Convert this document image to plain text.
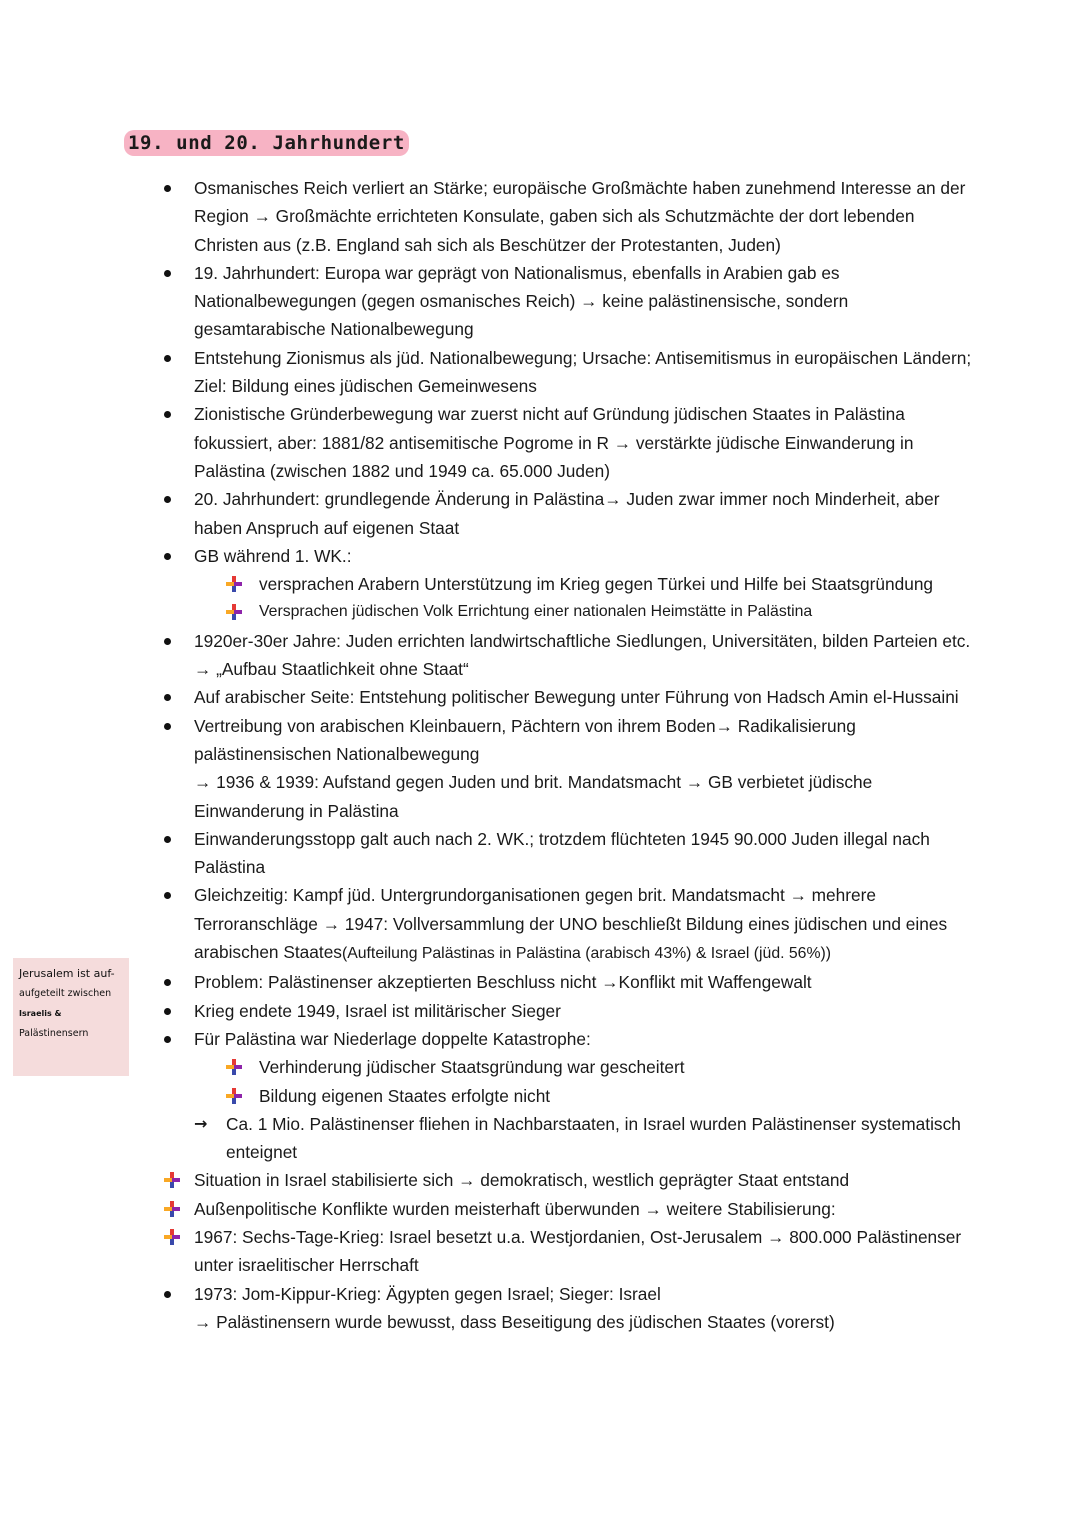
19. und 20. Jahrhundert
Osmanisches Reich verliert an Stärke; europäische Großmächte haben zunehmend Interesse an der Region → Großmächte errichteten Konsulate, gaben sich als Schutzmächte der dort lebenden Christen aus (z.B. England sah sich als Beschützer der Protestanten, Juden)
19. Jahrhundert: Europa war geprägt von Nationalismus, ebenfalls in Arabien gab es Nationalbewegungen (gegen osmanisches Reich) → keine palästinensische, sondern gesamtarabische Nationalbewegung
Entstehung Zionismus als jüd. Nationalbewegung; Ursache: Antisemitismus in europäischen Ländern; Ziel: Bildung eines jüdischen Gemeinwesens
Zionistische Gründerbewegung war zuerst nicht auf Gründung jüdischen Staates in Palästina fokussiert, aber: 1881/82 antisemitische Pogrome in R → verstärkte jüdische Einwanderung in Palästina (zwischen 1882 und 1949 ca. 65.000 Juden)
20. Jahrhundert: grundlegende Änderung in Palästina→ Juden zwar immer noch Minderheit, aber haben Anspruch auf eigenen Staat
GB während 1. WK.:
versprachen Arabern Unterstützung im Krieg gegen Türkei und Hilfe bei Staatsgründung
Versprachen jüdischen Volk Errichtung einer nationalen Heimstätte in Palästina
1920er-30er Jahre: Juden errichten landwirtschaftliche Siedlungen, Universitäten, bilden Parteien etc. → „Aufbau Staatlichkeit ohne Staat“
Auf arabischer Seite: Entstehung politischer Bewegung unter Führung von Hadsch Amin el-Hussaini
Vertreibung von arabischen Kleinbauern, Pächtern von ihrem Boden→ Radikalisierung palästinensischen Nationalbewegung
→ 1936 & 1939: Aufstand gegen Juden und brit. Mandatsmacht → GB verbietet jüdische Einwanderung in Palästina
Einwanderungsstopp galt auch nach 2. WK.; trotzdem flüchteten 1945 90.000 Juden illegal nach Palästina
Gleichzeitig: Kampf jüd. Untergrundorganisationen gegen brit. Mandatsmacht → mehrere Terroranschläge → 1947: Vollversammlung der UNO beschließt Bildung eines jüdischen und eines arabischen Staates(Aufteilung Palästinas in Palästina (arabisch 43%) & Israel (jüd. 56%))
Problem: Palästinenser akzeptierten Beschluss nicht →Konflikt mit Waffengewalt
Krieg endete 1949, Israel ist militärischer Sieger
Für Palästina war Niederlage doppelte Katastrophe:
Verhinderung jüdischer Staatsgründung war gescheitert
Bildung eigenen Staates erfolgte nicht
→ Ca. 1 Mio. Palästinenser fliehen in Nachbarstaaten, in Israel wurden Palästinenser systematisch enteignet
Situation in Israel stabilisierte sich → demokratisch, westlich geprägter Staat entstand
Außenpolitische Konflikte wurden meisterhaft überwunden → weitere Stabilisierung:
1967: Sechs-Tage-Krieg: Israel besetzt u.a. Westjordanien, Ost-Jerusalem → 800.000 Palästinenser unter israelitischer Herrschaft
1973: Jom-Kippur-Krieg: Ägypten gegen Israel; Sieger: Israel
→ Palästinensern wurde bewusst, dass Beseitigung des jüdischen Staates (vorerst)
Jerusalem ist auf-
aufgeteilt zwischen
Israelis &
Palästinensern
